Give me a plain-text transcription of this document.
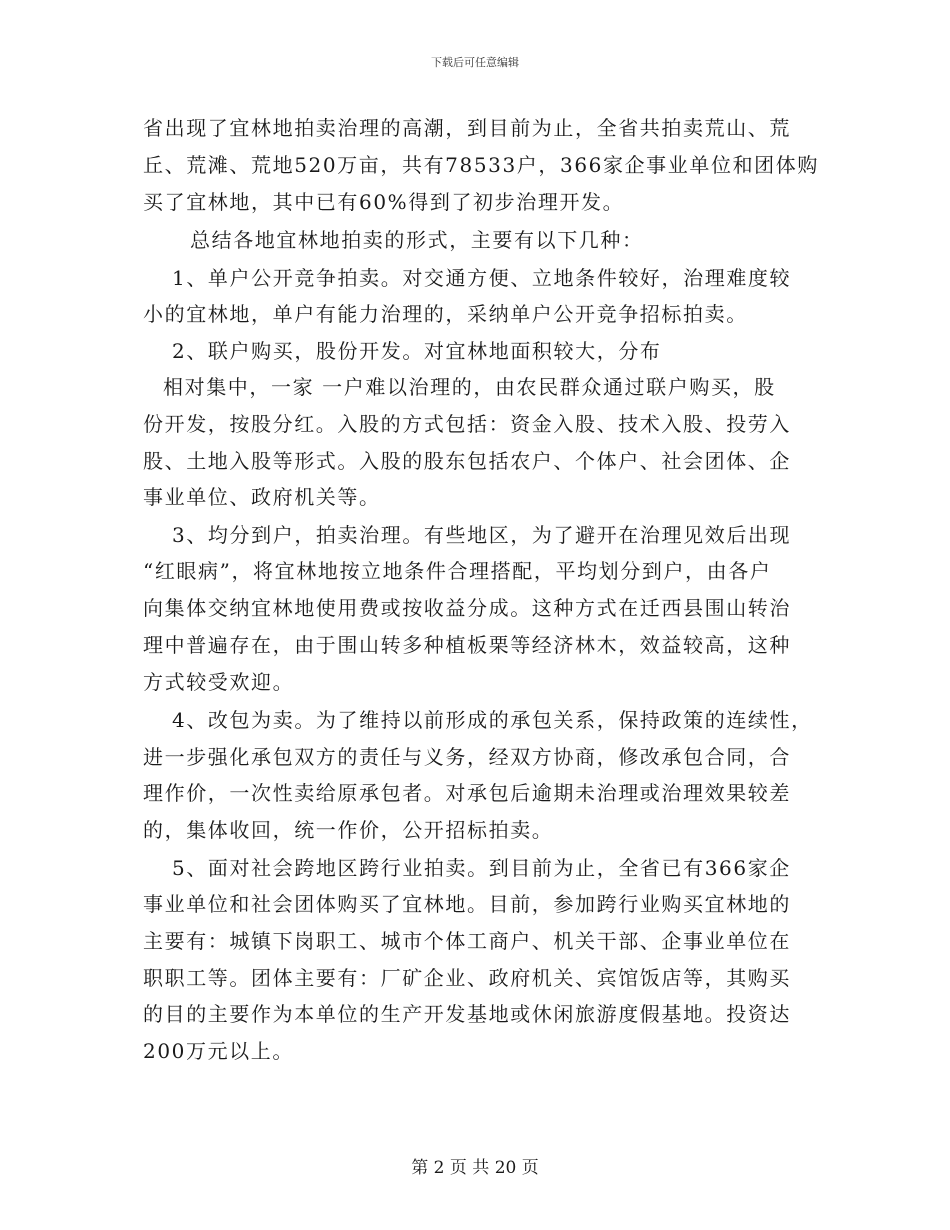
下载后可任意编辑
省出现了宜林地拍卖治理的高潮，到目前为止，全省共拍卖荒山、荒
丘、荒滩、荒地520万亩，共有78533户，366家企事业单位和团体购
买了宜林地，其中已有60%得到了初步治理开发。
总结各地宜林地拍卖的形式，主要有以下几种：
1、单户公开竞争拍卖。对交通方便、立地条件较好，治理难度较
小的宜林地，单户有能力治理的，采纳单户公开竞争招标拍卖。
2、联户购买，股份开发。对宜林地面积较大，分布
相对集中，一家 一户难以治理的，由农民群众通过联户购买，股
份开发，按股分红。入股的方式包括：资金入股、技术入股、投劳入
股、土地入股等形式。入股的股东包括农户、个体户、社会团体、企
事业单位、政府机关等。
3、均分到户，拍卖治理。有些地区，为了避开在治理见效后出现
“红眼病”，将宜林地按立地条件合理搭配，平均划分到户，由各户
向集体交纳宜林地使用费或按收益分成。这种方式在迁西县围山转治
理中普遍存在，由于围山转多种植板栗等经济林木，效益较高，这种
方式较受欢迎。
4、改包为卖。为了维持以前形成的承包关系，保持政策的连续性，
进一步强化承包双方的责任与义务，经双方协商，修改承包合同，合
理作价，一次性卖给原承包者。对承包后逾期未治理或治理效果较差
的，集体收回，统一作价，公开招标拍卖。
5、面对社会跨地区跨行业拍卖。到目前为止，全省已有366家企
事业单位和社会团体购买了宜林地。目前，参加跨行业购买宜林地的
主要有：城镇下岗职工、城市个体工商户、机关干部、企事业单位在
职职工等。团体主要有：厂矿企业、政府机关、宾馆饭店等，其购买
的目的主要作为本单位的生产开发基地或休闲旅游度假基地。投资达
200万元以上。
第 2 页 共 20 页
